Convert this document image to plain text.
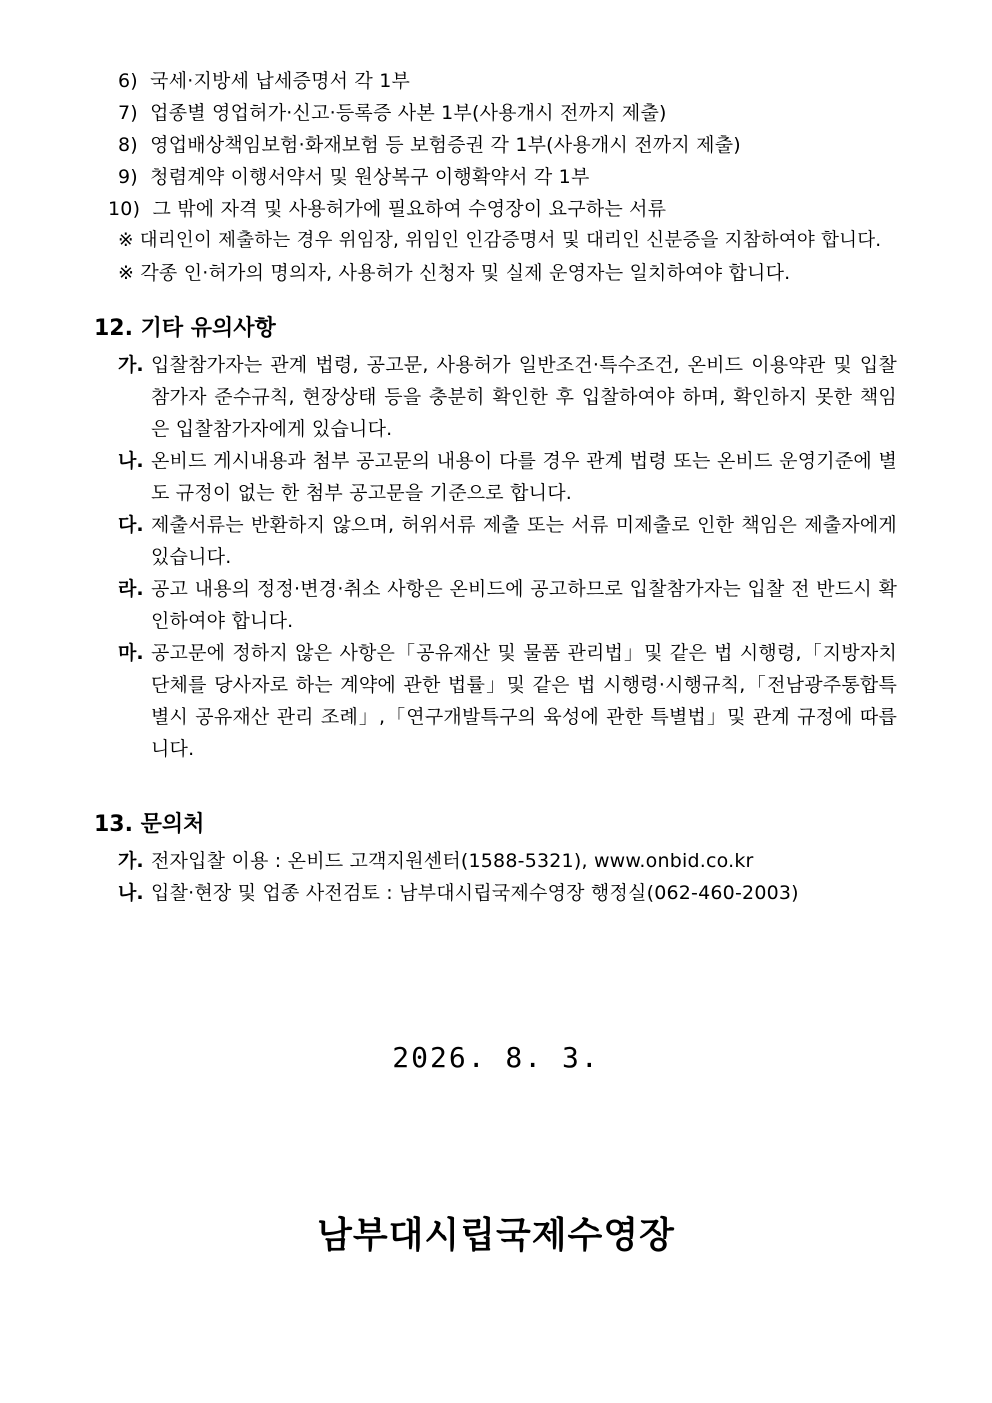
6) 국세·지방세 납세증명서 각 1부
7) 업종별 영업허가·신고·등록증 사본 1부(사용개시 전까지 제출)
8) 영업배상책임보험·화재보험 등 보험증권 각 1부(사용개시 전까지 제출)
9) 청렴계약 이행서약서 및 원상복구 이행확약서 각 1부
10) 그 밖에 자격 및 사용허가에 필요하여 수영장이 요구하는 서류
※ 대리인이 제출하는 경우 위임장, 위임인 인감증명서 및 대리인 신분증을 지참하여야 합니다.
※ 각종 인·허가의 명의자, 사용허가 신청자 및 실제 운영자는 일치하여야 합니다.
12. 기타 유의사항
가. 입찰참가자는 관계 법령, 공고문, 사용허가 일반조건·특수조건, 온비드 이용약관 및 입찰참가자 준수규칙, 현장상태 등을 충분히 확인한 후 입찰하여야 하며, 확인하지 못한 책임은 입찰참가자에게 있습니다.
나. 온비드 게시내용과 첨부 공고문의 내용이 다를 경우 관계 법령 또는 온비드 운영기준에 별도 규정이 없는 한 첨부 공고문을 기준으로 합니다.
다. 제출서류는 반환하지 않으며, 허위서류 제출 또는 서류 미제출로 인한 책임은 제출자에게 있습니다.
라. 공고 내용의 정정·변경·취소 사항은 온비드에 공고하므로 입찰참가자는 입찰 전 반드시 확인하여야 합니다.
마. 공고문에 정하지 않은 사항은「공유재산 및 물품 관리법」및 같은 법 시행령,「지방자치단체를 당사자로 하는 계약에 관한 법률」및 같은 법 시행령·시행규칙,「전남광주통합특별시 공유재산 관리 조례」,「연구개발특구의 육성에 관한 특별법」및 관계 규정에 따릅니다.
13. 문의처
가. 전자입찰 이용 : 온비드 고객지원센터(1588-5321), www.onbid.co.kr
나. 입찰·현장 및 업종 사전검토 : 남부대시립국제수영장 행정실(062-460-2003)
2026. 8. 3.
남부대시립국제수영장
